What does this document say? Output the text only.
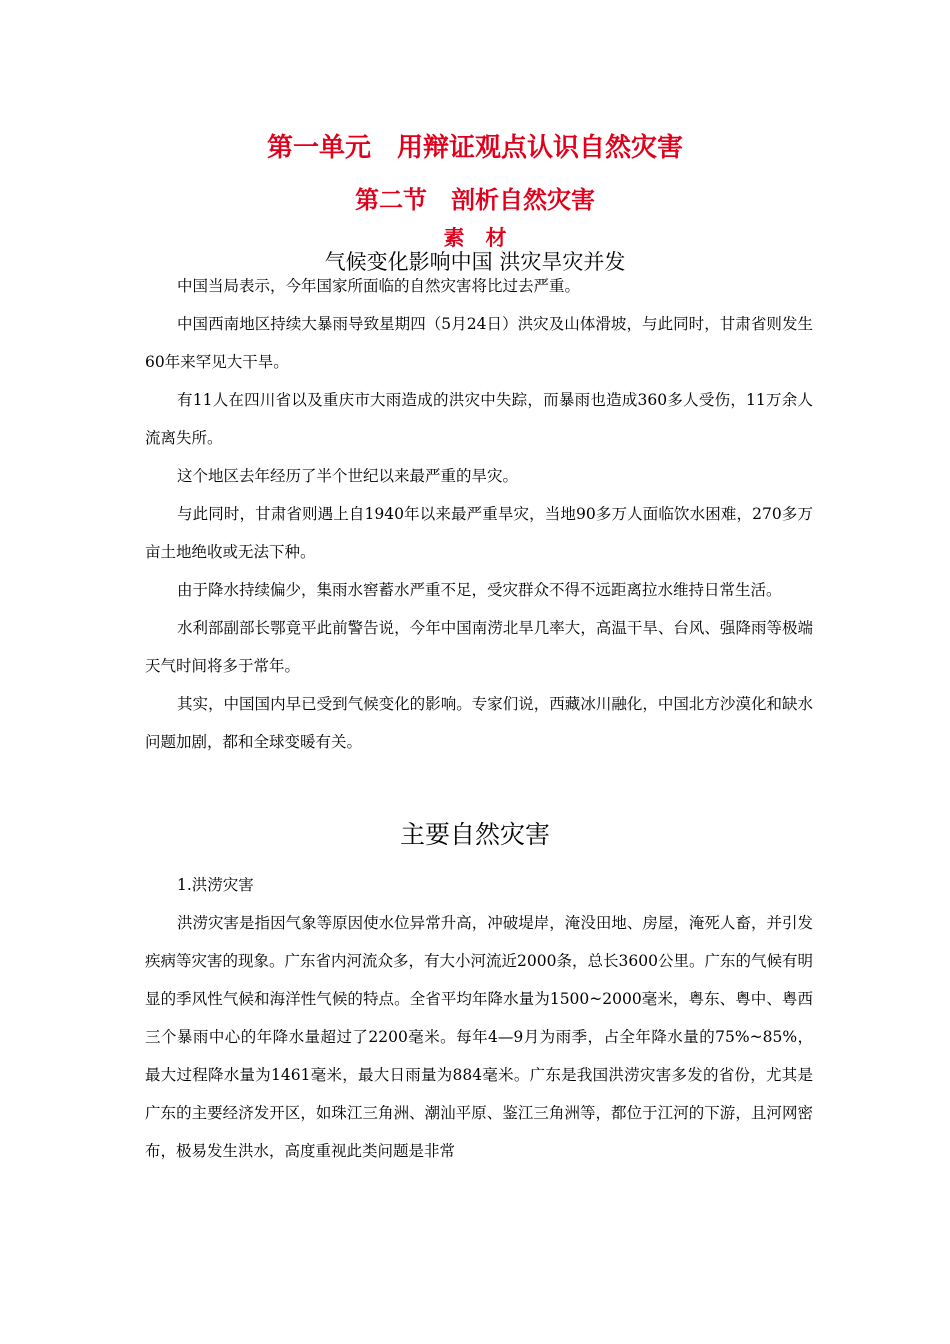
第一单元　用辩证观点认识自然灾害
第二节　剖析自然灾害
素　材
气候变化影响中国 洪灾旱灾并发

中国当局表示，今年国家所面临的自然灾害将比过去严重。

中国西南地区持续大暴雨导致星期四（5月24日）洪灾及山体滑坡，与此同时，甘肃省则发生60年来罕见大干旱。

有11人在四川省以及重庆市大雨造成的洪灾中失踪，而暴雨也造成360多人受伤，11万余人流离失所。

这个地区去年经历了半个世纪以来最严重的旱灾。

与此同时，甘肃省则遇上自1940年以来最严重旱灾，当地90多万人面临饮水困难，270多万亩土地绝收或无法下种。

由于降水持续偏少，集雨水窖蓄水严重不足，受灾群众不得不远距离拉水维持日常生活。

水利部副部长鄂竟平此前警告说，今年中国南涝北旱几率大，高温干旱、台风、强降雨等极端天气时间将多于常年。

其实，中国国内早已受到气候变化的影响。专家们说，西藏冰川融化，中国北方沙漠化和缺水问题加剧，都和全球变暖有关。

主要自然灾害

1.洪涝灾害

洪涝灾害是指因气象等原因使水位异常升高，冲破堤岸，淹没田地、房屋，淹死人畜，并引发疾病等灾害的现象。广东省内河流众多，有大小河流近2000条，总长3600公里。广东的气候有明显的季风性气候和海洋性气候的特点。全省平均年降水量为1500~2000毫米，粤东、粤中、粤西三个暴雨中心的年降水量超过了2200毫米。每年4—9月为雨季，占全年降水量的75%~85%，最大过程降水量为1461毫米，最大日雨量为884毫米。广东是我国洪涝灾害多发的省份，尤其是广东的主要经济发开区，如珠江三角洲、潮汕平原、鉴江三角洲等，都位于江河的下游，且河网密布，极易发生洪水，高度重视此类问题是非常
